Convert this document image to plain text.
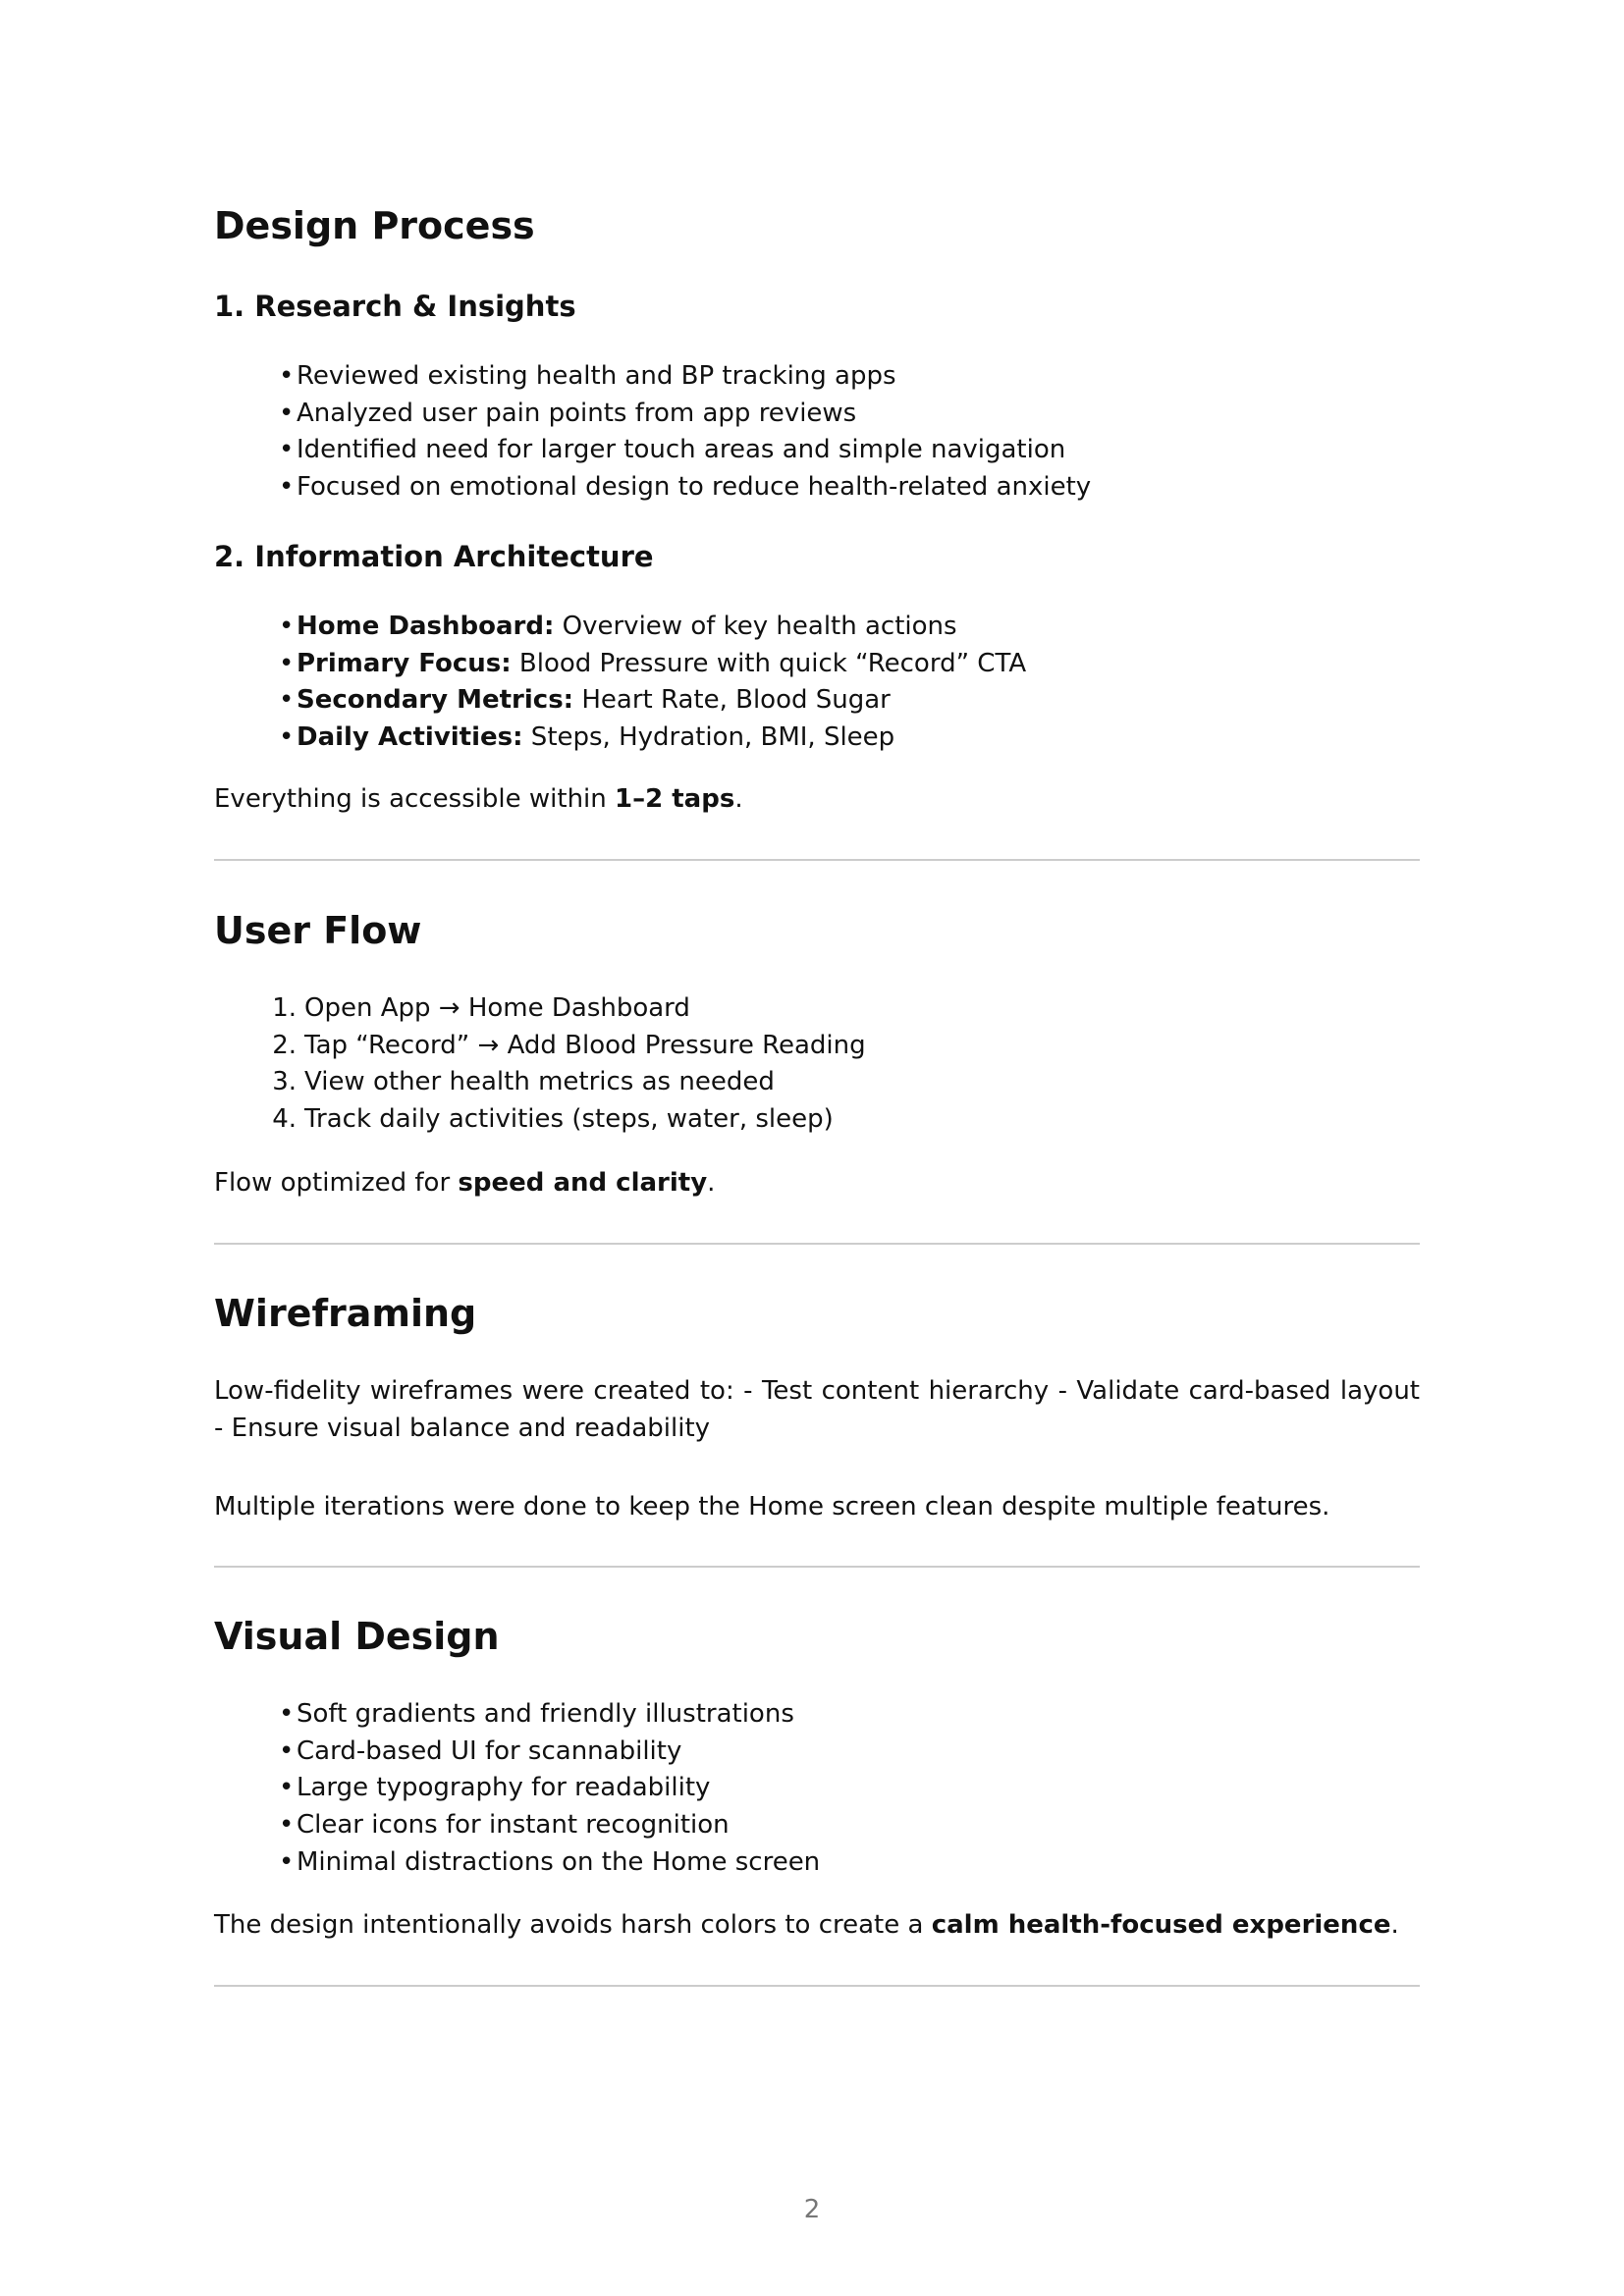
Design Process
1. Research & Insights
• Reviewed existing health and BP tracking apps
• Analyzed user pain points from app reviews
• Identified need for larger touch areas and simple navigation
• Focused on emotional design to reduce health-related anxiety
2. Information Architecture
• Home Dashboard: Overview of key health actions
• Primary Focus: Blood Pressure with quick “Record” CTA
• Secondary Metrics: Heart Rate, Blood Sugar
• Daily Activities: Steps, Hydration, BMI, Sleep

Everything is accessible within 1–2 taps.

User Flow
1. Open App → Home Dashboard
2. Tap “Record” → Add Blood Pressure Reading
3. View other health metrics as needed
4. Track daily activities (steps, water, sleep)

Flow optimized for speed and clarity.

Wireframing

Low-fidelity wireframes were created to: - Test content hierarchy - Validate card-based layout - Ensure visual balance and readability

Multiple iterations were done to keep the Home screen clean despite multiple features.

Visual Design
• Soft gradients and friendly illustrations
• Card-based UI for scannability
• Large typography for readability
• Clear icons for instant recognition
• Minimal distractions on the Home screen

The design intentionally avoids harsh colors to create a calm health-focused experience.

2
